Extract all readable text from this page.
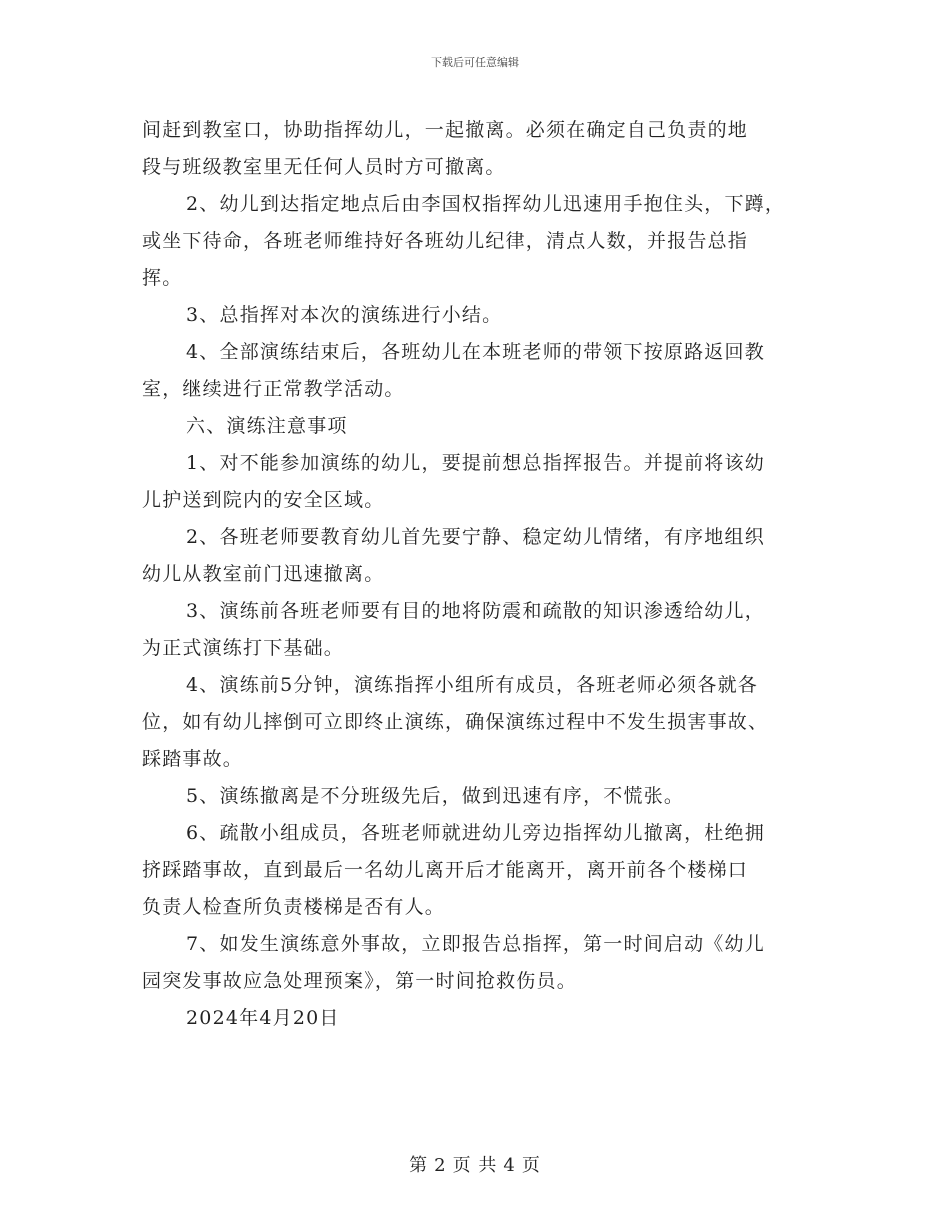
下载后可任意编辑
间赶到教室口，协助指挥幼儿，一起撤离。必须在确定自己负责的地
段与班级教室里无任何人员时方可撤离。
2、幼儿到达指定地点后由李国权指挥幼儿迅速用手抱住头，下蹲，
或坐下待命，各班老师维持好各班幼儿纪律，清点人数，并报告总指
挥。
3、总指挥对本次的演练进行小结。
4、全部演练结束后，各班幼儿在本班老师的带领下按原路返回教
室，继续进行正常教学活动。
六、演练注意事项
1、对不能参加演练的幼儿，要提前想总指挥报告。并提前将该幼
儿护送到院内的安全区域。
2、各班老师要教育幼儿首先要宁静、稳定幼儿情绪，有序地组织
幼儿从教室前门迅速撤离。
3、演练前各班老师要有目的地将防震和疏散的知识渗透给幼儿，
为正式演练打下基础。
4、演练前5分钟，演练指挥小组所有成员，各班老师必须各就各
位，如有幼儿摔倒可立即终止演练，确保演练过程中不发生损害事故、
踩踏事故。
5、演练撤离是不分班级先后，做到迅速有序，不慌张。
6、疏散小组成员，各班老师就进幼儿旁边指挥幼儿撤离，杜绝拥
挤踩踏事故，直到最后一名幼儿离开后才能离开，离开前各个楼梯口
负责人检查所负责楼梯是否有人。
7、如发生演练意外事故，立即报告总指挥，第一时间启动《幼儿
园突发事故应急处理预案》，第一时间抢救伤员。
2024年4月20日
第 2 页 共 4 页
